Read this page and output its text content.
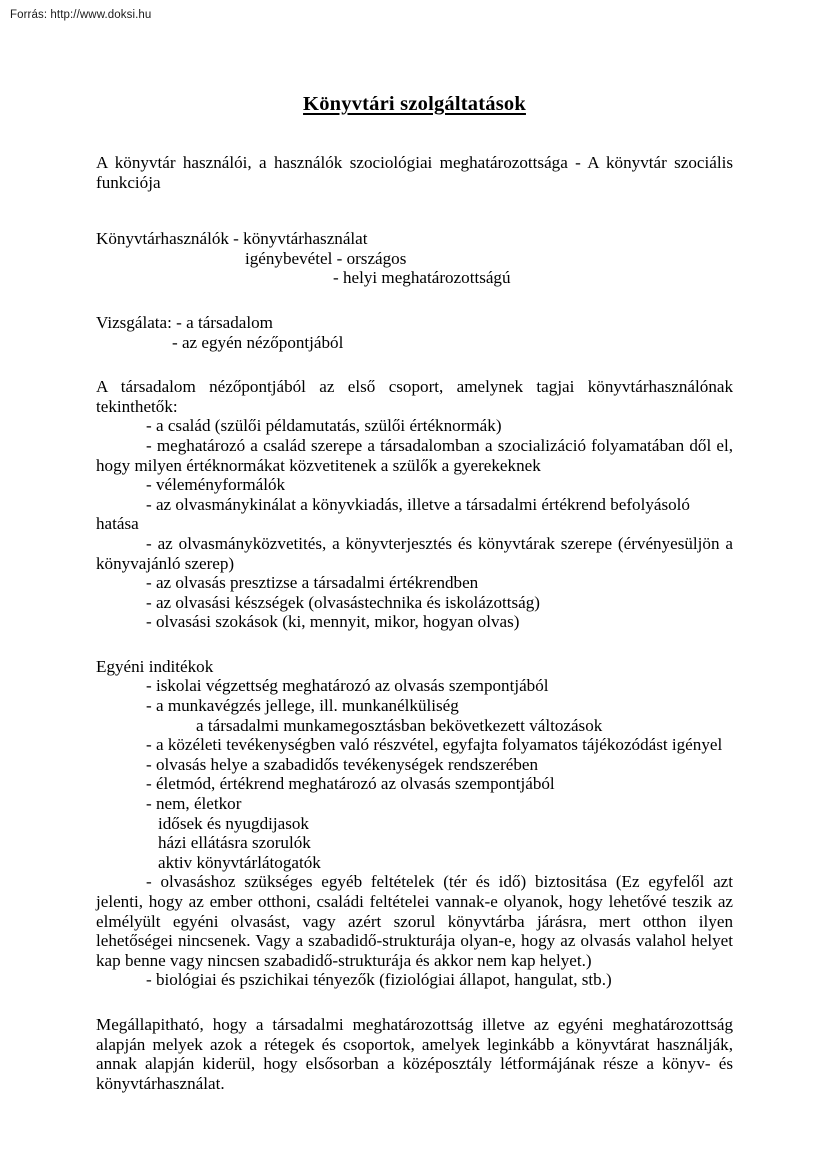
Forrás: http://www.doksi.hu
Könyvtári szolgáltatások

A könyvtár használói, a használók szociológiai meghatározottsága - A könyvtár szociális funkciója

Könyvtárhasználók - könyvtárhasználat
igénybevétel - országos
- helyi meghatározottságú
Vizsgálata: - a társadalom
- az egyén nézőpontjából

A társadalom nézőpontjából az első csoport, amelynek tagjai könyvtárhasználónak tekinthetők:

- a család (szülői példamutatás, szülői értéknormák)

- meghatározó a család szerepe a társadalomban a szocializáció folyamatában dől el, hogy milyen értéknormákat közvetitenek a szülők a gyerekeknek

- véleményformálók

- az olvasmánykinálat a könyvkiadás, illetve a társadalmi értékrend befolyásoló hatása

- az olvasmányközvetités, a könyvterjesztés és könyvtárak szerepe (érvényesüljön a könyvajánló szerep)

- az olvasás presztizse a társadalmi értékrendben

- az olvasási készségek (olvasástechnika és iskolázottság)

- olvasási szokások (ki, mennyit, mikor, hogyan olvas)

Egyéni inditékok
- iskolai végzettség meghatározó az olvasás szempontjából
- a munkavégzés jellege, ill. munkanélküliség
a társadalmi munkamegosztásban bekövetkezett változások
- a közéleti tevékenységben való részvétel, egyfajta folyamatos tájékozódást igényel
- olvasás helye a szabadidős tevékenységek rendszerében
- életmód, értékrend meghatározó az olvasás szempontjából
- nem, életkor
idősek és nyugdijasok
házi ellátásra szorulók
aktiv könyvtárlátogatók

- olvasáshoz szükséges egyéb feltételek (tér és idő) biztositása (Ez egyfelől azt jelenti, hogy az ember otthoni, családi feltételei vannak-e olyanok, hogy lehetővé teszik az elmélyült egyéni olvasást, vagy azért szorul könyvtárba járásra, mert otthon ilyen lehetőségei nincsenek. Vagy a szabadidő-strukturája olyan-e, hogy az olvasás valahol helyet kap benne vagy nincsen szabadidő-strukturája és akkor nem kap helyet.)

- biológiai és pszichikai tényezők (fiziológiai állapot, hangulat, stb.)

Megállapitható, hogy a társadalmi meghatározottság illetve az egyéni meghatározottság alapján melyek azok a rétegek és csoportok, amelyek leginkább a könyvtárat használják, annak alapján kiderül, hogy elsősorban a középosztály létformájának része a könyv- és könyvtárhasználat.
